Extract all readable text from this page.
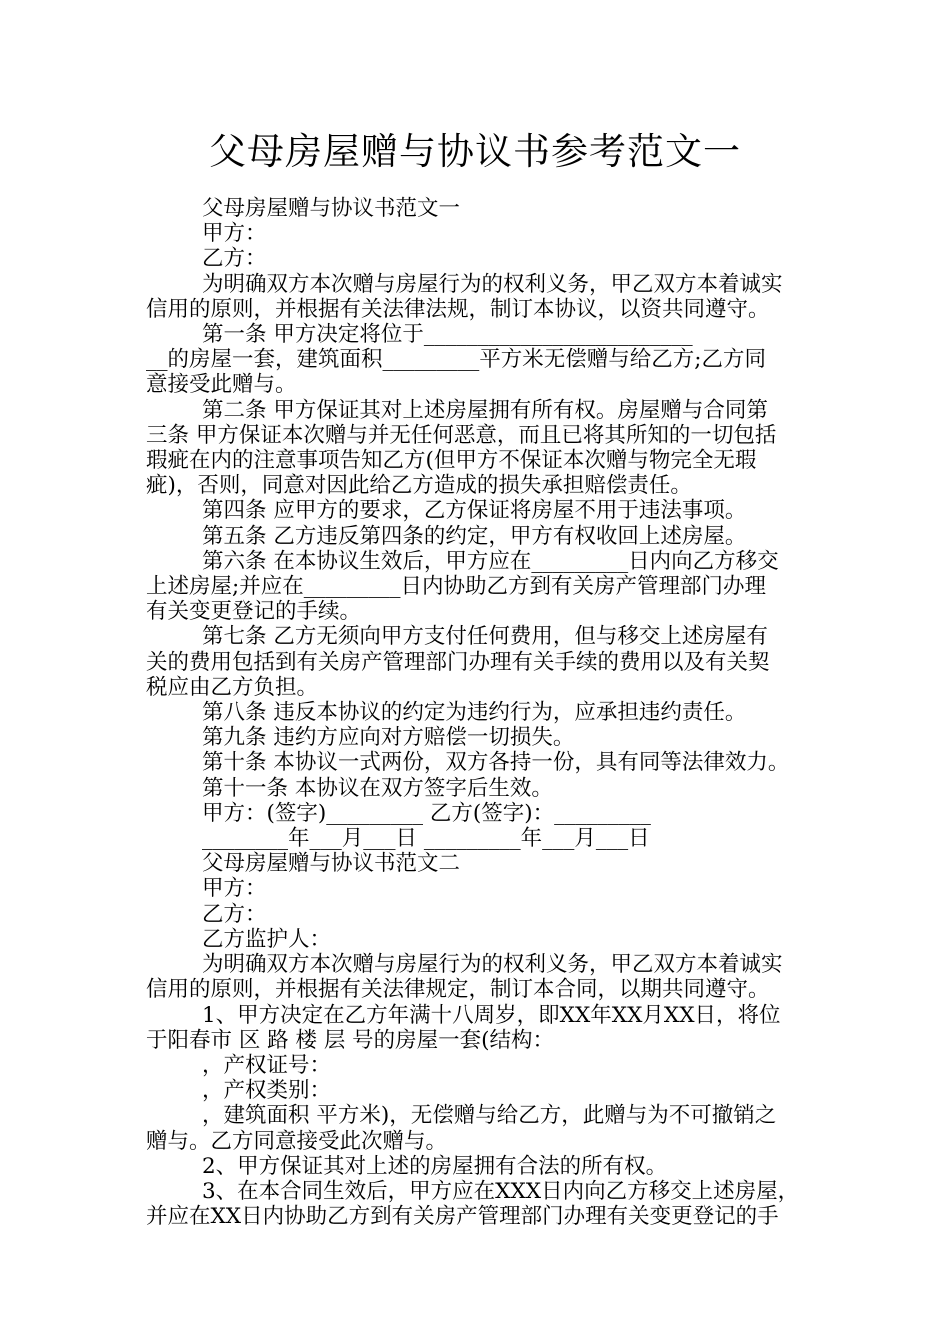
父母房屋赠与协议书参考范文一

父母房屋赠与协议书范文一

甲方：

乙方：

为明确双方本次赠与房屋行为的权利义务，甲乙双方本着诚实

信用的原则，并根据有关法律法规，制订本协议，以资共同遵守。

第一条 甲方决定将位于_________________________

__的房屋一套，建筑面积_________平方米无偿赠与给乙方;乙方同

意接受此赠与。

第二条 甲方保证其对上述房屋拥有所有权。房屋赠与合同第

三条 甲方保证本次赠与并无任何恶意，而且已将其所知的一切包括

瑕疵在内的注意事项告知乙方(但甲方不保证本次赠与物完全无瑕

疵)，否则，同意对因此给乙方造成的损失承担赔偿责任。

第四条 应甲方的要求，乙方保证将房屋不用于违法事项。

第五条 乙方违反第四条的约定，甲方有权收回上述房屋。

第六条 在本协议生效后，甲方应在_________日内向乙方移交

上述房屋;并应在_________日内协助乙方到有关房产管理部门办理

有关变更登记的手续。

第七条 乙方无须向甲方支付任何费用，但与移交上述房屋有

关的费用包括到有关房产管理部门办理有关手续的费用以及有关契

税应由乙方负担。

第八条 违反本协议的约定为违约行为，应承担违约责任。

第九条 违约方应向对方赔偿一切损失。

第十条 本协议一式两份，双方各持一份，具有同等法律效力。

第十一条 本协议在双方签字后生效。

甲方：(签字)_________ 乙方(签字)：_________

________年___月___日 _________年___月___日

父母房屋赠与协议书范文二

甲方：

乙方：

乙方监护人：

为明确双方本次赠与房屋行为的权利义务，甲乙双方本着诚实

信用的原则，并根据有关法律规定，制订本合同，以期共同遵守。

1、甲方决定在乙方年满十八周岁，即XX年XX月XX日，将位

于阳春市 区 路 楼 层 号的房屋一套(结构：

，产权证号：

，产权类别：

，建筑面积 平方米)，无偿赠与给乙方，此赠与为不可撤销之

赠与。乙方同意接受此次赠与。

2、甲方保证其对上述的房屋拥有合法的所有权。

3、在本合同生效后，甲方应在XXX日内向乙方移交上述房屋，

并应在XX日内协助乙方到有关房产管理部门办理有关变更登记的手
